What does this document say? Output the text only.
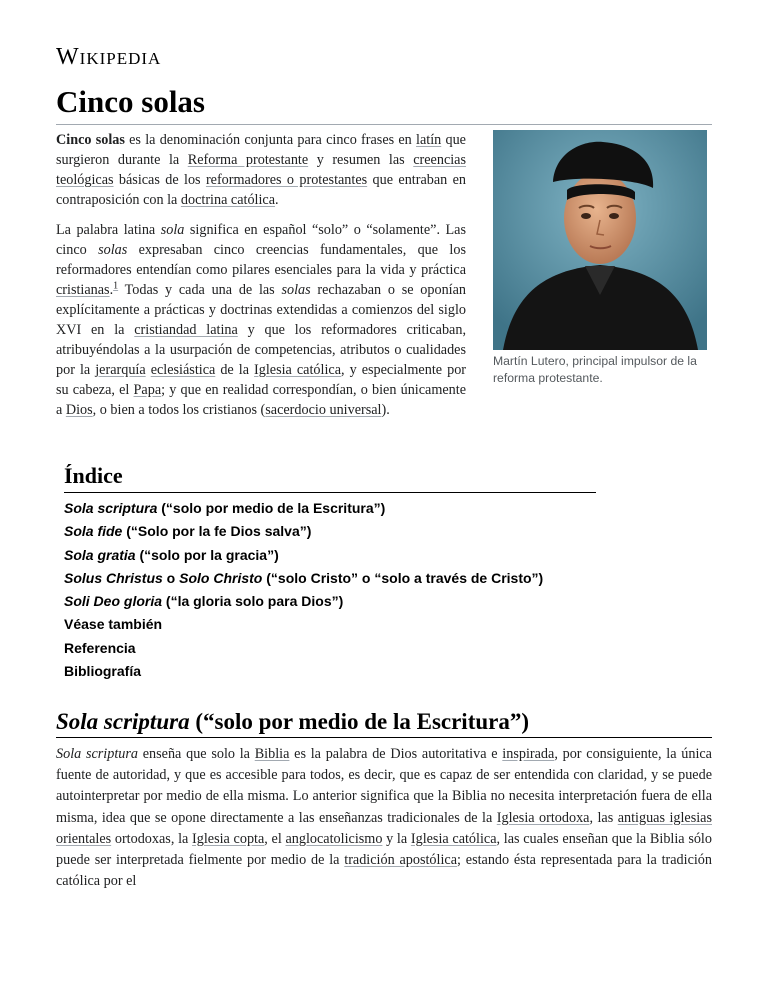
Wikipedia
Cinco solas

Cinco solas es la denominación conjunta para cinco frases en latín que surgieron durante la Reforma protestante y resumen las creencias teológicas básicas de los reformadores o protestantes que entraban en contraposición con la doctrina católica.

La palabra latina sola significa en español “solo” o “solamente”. Las cinco solas expresaban cinco creencias fundamentales, que los reformadores entendían como pilares esenciales para la vida y práctica cristianas.$^1$ Todas y cada una de las solas rechazaban o se oponían explícitamente a prácticas y doctrinas extendidas a comienzos del siglo XVI en la cristiandad latina y que los reformadores criticaban, atribuyéndolas a la usurpación de competencias, atributos o cualidades por la jerarquía eclesiástica de la Iglesia católica, y especialmente por su cabeza, el Papa; y que en realidad correspondían, o bien únicamente a Dios, o bien a todos los cristianos (sacerdocio universal).

Martín Lutero, principal impulsor de la reforma protestante.
Índice
Sola scriptura (“solo por medio de la Escritura”)
Sola fide (“Solo por la fe Dios salva”)
Sola gratia (“solo por la gracia”)
Solus Christus o Solo Christo (“solo Cristo” o “solo a través de Cristo”)
Soli Deo gloria (“la gloria solo para Dios”)
Véase también
Referencia
Bibliografía
Sola scriptura (“solo por medio de la Escritura”)

Sola scriptura enseña que solo la Biblia es la palabra de Dios autoritativa e inspirada, por consiguiente, la única fuente de autoridad, y que es accesible para todos, es decir, que es capaz de ser entendida con claridad, y se puede autointerpretar por medio de ella misma. Lo anterior significa que la Biblia no necesita interpretación fuera de ella misma, idea que se opone directamente a las enseñanzas tradicionales de la Iglesia ortodoxa, las antiguas iglesias orientales ortodoxas, la Iglesia copta, el anglocatolicismo y la Iglesia católica, las cuales enseñan que la Biblia sólo puede ser interpretada fielmente por medio de la tradición apostólica; estando ésta representada para la tradición católica por el
